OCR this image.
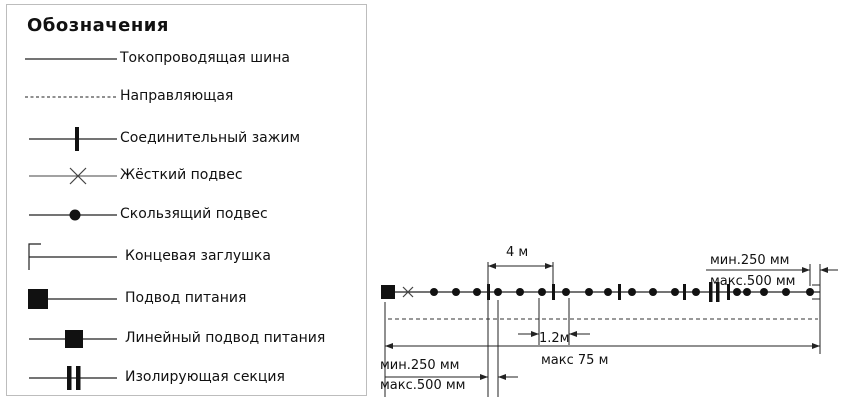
Обозначения
Токопроводящая шина
Направляющая
Соединительный зажим
Жёсткий подвес
Скользящий подвес
Концевая заглушка
Подвод питания
Линейный подвод питания
Изолирующая секция
4 м
1.2м
макс 75 м
мин.250 мм
макс.500 мм
мин.250 мм
макс.500 мм
